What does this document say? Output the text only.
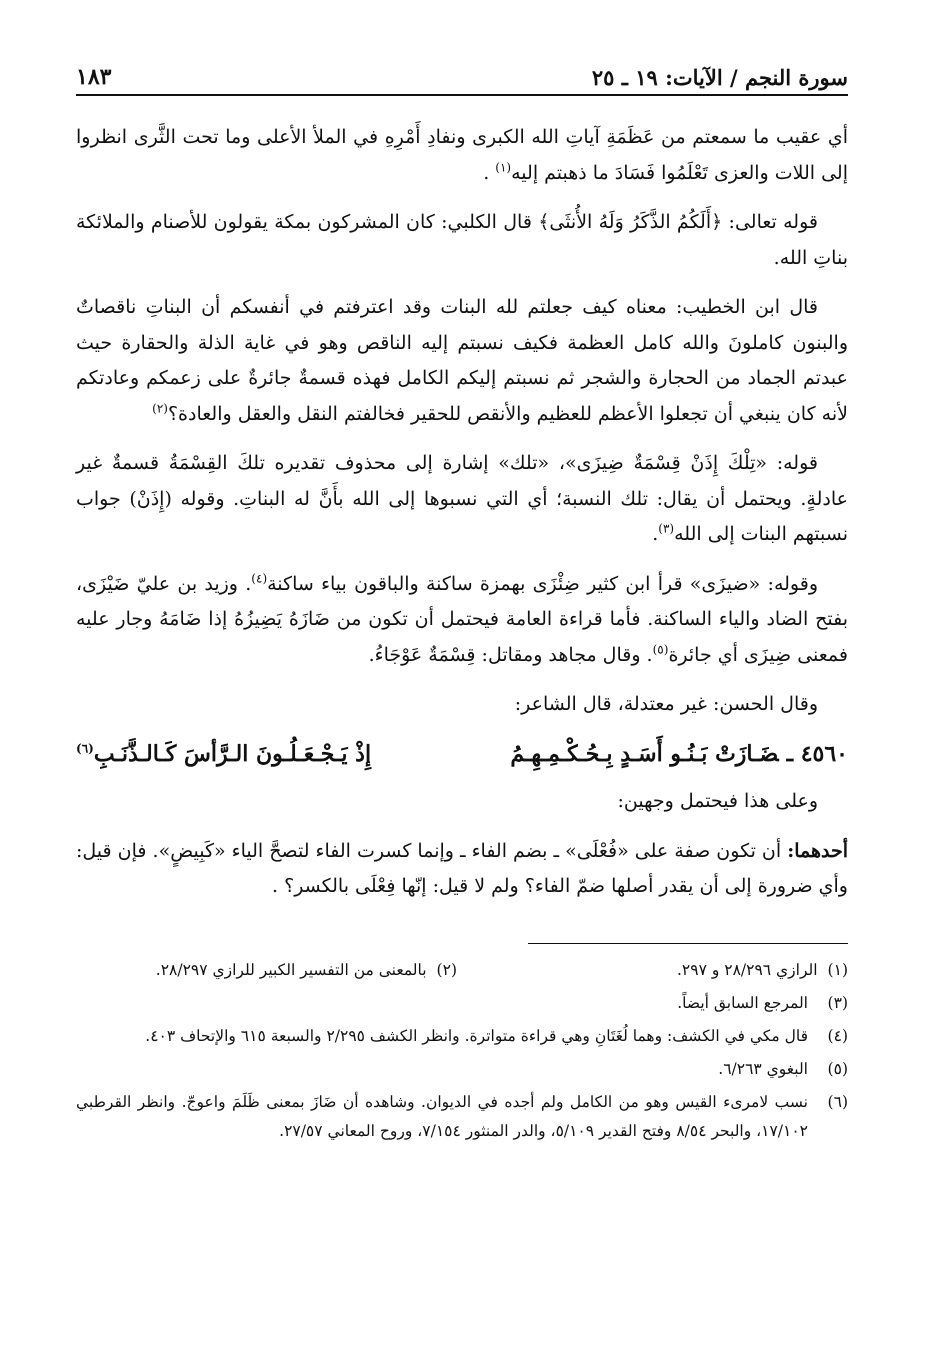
سورة النجم / الآيات: ١٩ ـ ٢٥
١٨٣

أي عقيب ما سمعتم من عَظَمَةِ آياتِ الله الكبرى ونفادِ أَمْرِهِ في الملأ الأعلى وما تحت الثَّرى انظروا إلى اللات والعزى تَعْلَمُوا فَسَادَ ما ذهبتم إليه$^{(١)}$ .

قوله تعالى: ﴿أَلَكُمُ الذَّكَرُ وَلَهُ الأُنثَى﴾ قال الكلبي: كان المشركون بمكة يقولون للأصنام والملائكة بناتِ الله.

قال ابن الخطيب: معناه كيف جعلتم لله البنات وقد اعترفتم في أنفسكم أن البناتِ ناقصاتٌ والبنون كاملونَ والله كامل العظمة فكيف نسبتم إليه الناقص وهو في غاية الذلة والحقارة حيث عبدتم الجماد من الحجارة والشجر ثم نسبتم إليكم الكامل فهذه قسمةٌ جائرةٌ على زعمكم وعادتكم لأنه كان ينبغي أن تجعلوا الأعظم للعظيم والأنقص للحقير فخالفتم النقل والعقل والعادة؟$^{(٢)}$

قوله: «تِلْكَ إِذَنْ قِسْمَةٌ ضِيزَى»، «تلك» إشارة إلى محذوف تقديره تلكَ القِسْمَةُ قسمةٌ غير عادلةٍ. ويحتمل أن يقال: تلك النسبة؛ أي التي نسبوها إلى الله بأَنَّ له البناتِ. وقوله (إِذَنْ) جواب نسبتهم البنات إلى الله$^{(٣)}$.

وقوله: «ضيزَى» قرأ ابن كثير ضِئْزَى بهمزة ساكنة والباقون بياء ساكنة$^{(٤)}$. وزيد بن عليّ ضَيْزَى، بفتح الضاد والياء الساكنة. فأما قراءة العامة فيحتمل أن تكون من ضَازَهُ يَضِيزُهُ إذا ضَامَهُ وجار عليه فمعنى ضِيزَى أي جائرة$^{(٥)}$. وقال مجاهد ومقاتل: قِسْمَةٌ عَوْجَاءُ.

وقال الحسن: غير معتدلة، قال الشاعر:

٤٥٦٠ ـضَـازَتْ بَـنُـو أَسَـدٍ بِـحُـكْـمِـهِـمُ
إِذْ يَـجْـعَـلُـونَ الـرَّأسَ كَـالـذَّنَـبِ$^{(٦)}$

وعلى هذا فيحتمل وجهين:

أحدهما: أن تكون صفة على «فُعْلَى» ـ بضم الفاء ـ وإنما كسرت الفاء لتصحَّ الياء «كَبِيضٍ». فإن قيل: وأي ضرورة إلى أن يقدر أصلها ضمّ الفاء؟ ولم لا قيل: إنّها فِعْلَى بالكسر؟ .

(١)
الرازي ٢٨/٢٩٦ و ٢٩٧.
(٢)
بالمعنى من التفسير الكبير للرازي ٢٨/٢٩٧.
(٣)
المرجع السابق أيضاً.
(٤)
قال مكي في الكشف: وهما لُغَتَانِ وهي قراءة متواترة. وانظر الكشف ٢/٢٩٥ والسبعة ٦١٥ والإتحاف ٤٠٣.
(٥)
البغوي ٦/٢٦٣.
(٦)
نسب لامرىء القيس وهو من الكامل ولم أجده في الديوان. وشاهده أن ضَازَ بمعنى ظَلَمَ واعوجّ. وانظر القرطبي ١٧/١٠٢، والبحر ٨/٥٤ وفتح القدير ٥/١٠٩، والدر المنثور ٧/١٥٤، وروح المعاني ٢٧/٥٧.
